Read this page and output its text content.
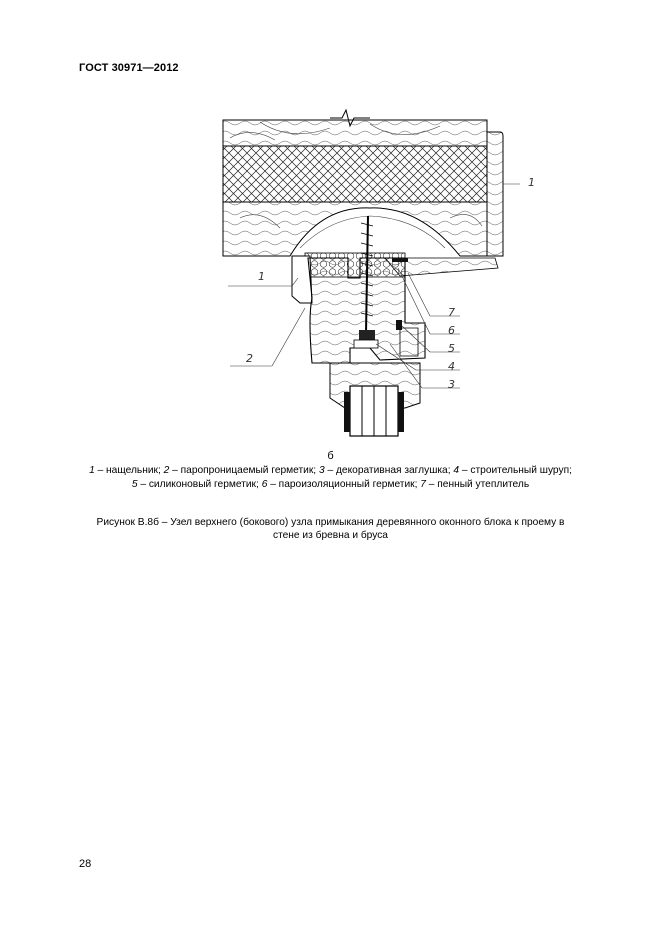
ГОСТ 30971—2012
1
1
2
7
6
5
4
3
б
1 – нащельник; 2 – паропроницаемый герметик; 3 – декоративная заглушка; 4 – строительный шуруп;
5 – силиконовый герметик; 6 – пароизоляционный герметик; 7 – пенный утеплитель
Рисунок В.8б – Узел верхнего (бокового) узла примыкания деревянного оконного блока к проему в
стене из бревна и бруса
28
